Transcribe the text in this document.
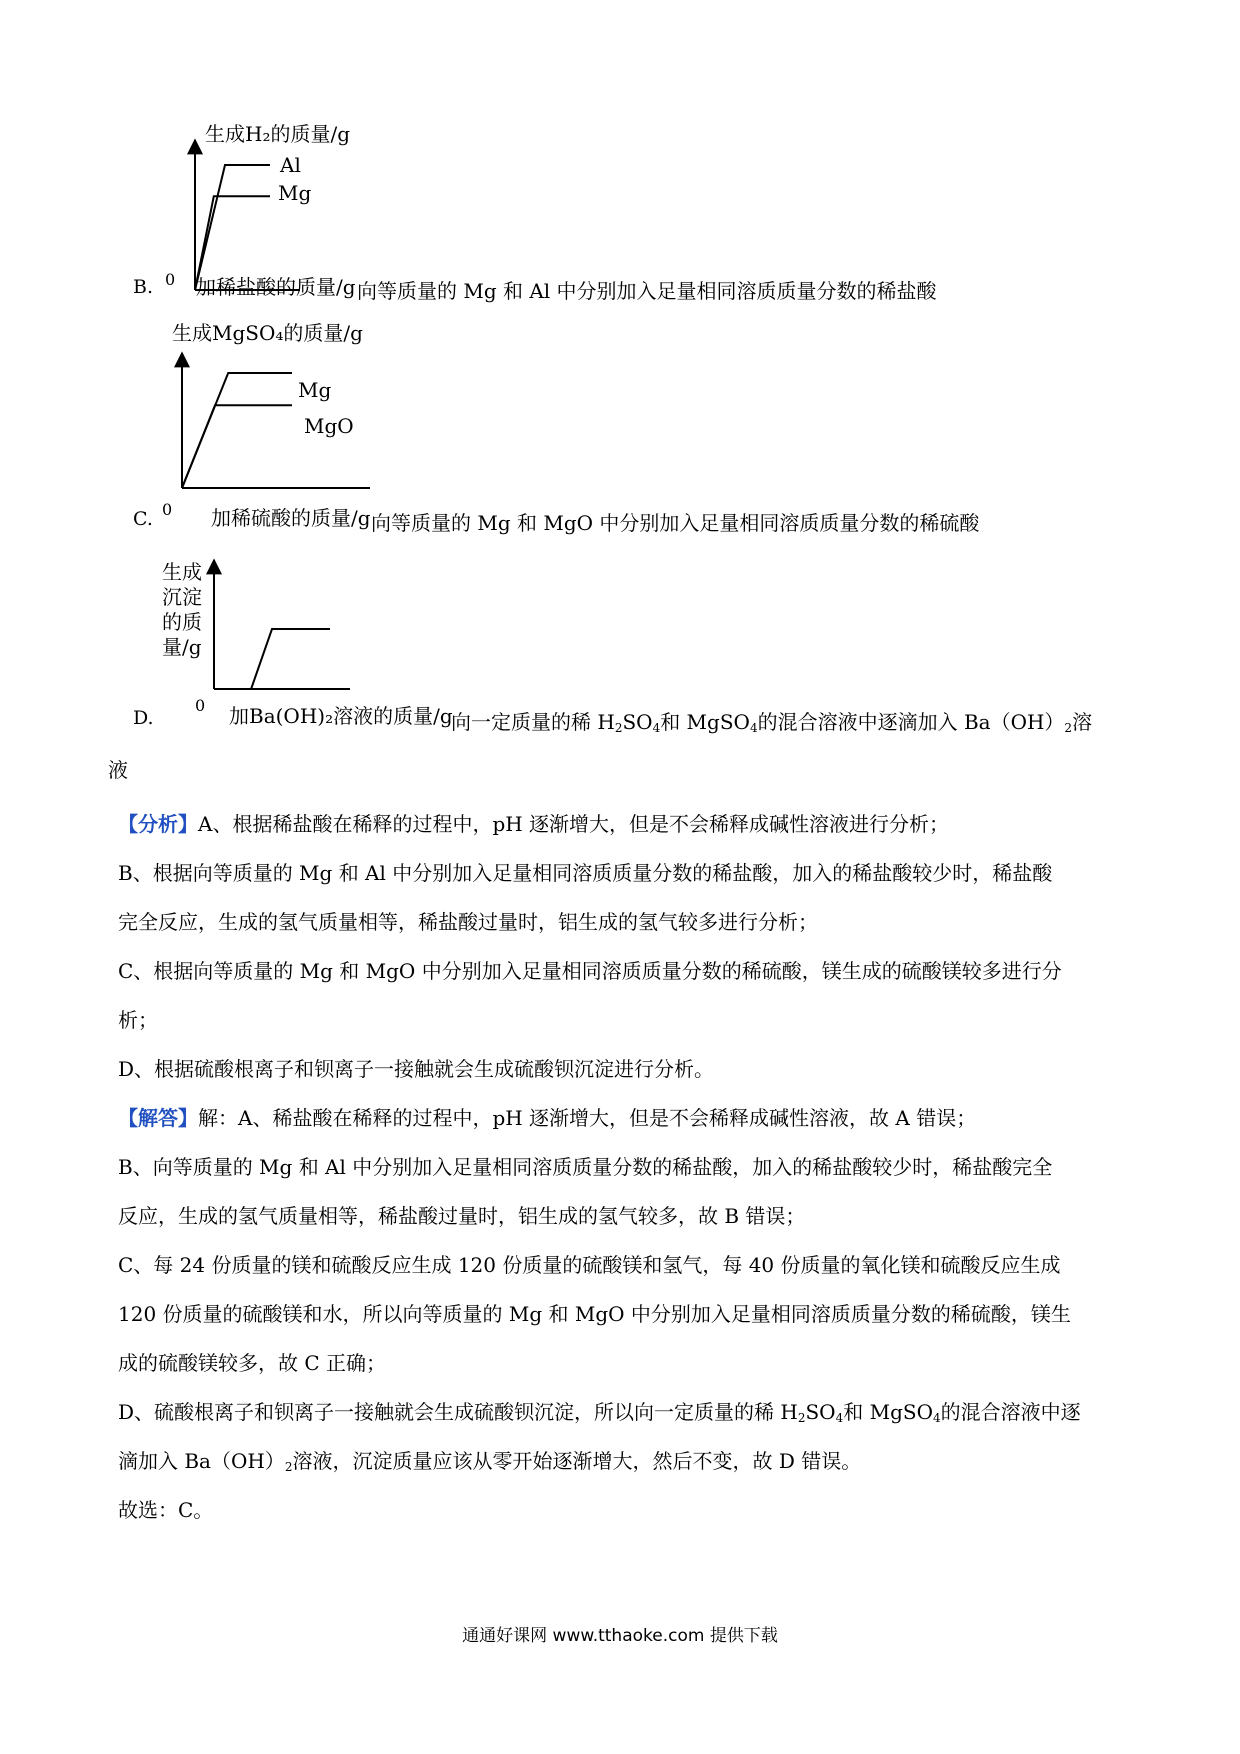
生成H₂的质量/g
0
Al
Mg
B. 加稀盐酸的质量/g 向等质量的 Mg 和 Al 中分别加入足量相同溶质质量分数的稀盐酸
生成MgSO₄的质量/g
0
Mg
MgO
C.	加稀硫酸的质量/g 向等质量的 Mg 和 MgO 中分别加入足量相同溶质质量分数的稀硫酸
生成
沉淀
的质
量/g
0
D.	加Ba(OH)₂溶液的质量/g
向一定质量的稀 $H_2SO_4$和 MgSO$_4$的混合溶液中逐滴加入 $Ba(OH)_2$溶
液
【分析】A、根据稀盐酸在稀释的过程中，pH 逐渐增大，但是不会稀释成碱性溶液进行分析；
B、根据向等质量的 Mg 和 Al 中分别加入足量相同溶质质量分数的稀盐酸，加入的稀盐酸较少时，稀盐酸
完全反应，生成的氢气质量相等，稀盐酸过量时，铝生成的氢气较多进行分析；
C、根据向等质量的 Mg 和 MgO 中分别加入足量相同溶质质量分数的稀硫酸，镁生成的硫酸镁较多进行分
析；
D、根据硫酸根离子和钡离子一接触就会生成硫酸钡沉淀进行分析。
【解答】解：A、稀盐酸在稀释的过程中，pH 逐渐增大，但是不会稀释成碱性溶液，故 A 错误；
B、向等质量的 Mg 和 Al 中分别加入足量相同溶质质量分数的稀盐酸，加入的稀盐酸较少时，稀盐酸完全
反应，生成的氢气质量相等，稀盐酸过量时，铝生成的氢气较多，故 B 错误；
C、每 24 份质量的镁和硫酸反应生成 120 份质量的硫酸镁和氢气，每 40 份质量的氧化镁和硫酸反应生成
120 份质量的硫酸镁和水，所以向等质量的 Mg 和 MgO 中分别加入足量相同溶质质量分数的稀硫酸，镁生
成的硫酸镁较多，故 C 正确；
D、硫酸根离子和钡离子一接触就会生成硫酸钡沉淀，所以向一定质量的稀 $H_2SO_4$和 MgSO$_4$的混合溶液中逐
滴加入 $Ba(OH)_2$溶液，沉淀质量应该从零开始逐渐增大，然后不变，故 D 错误。
故选：C。
通通好课网 www.tthaoke.com 提供下载
